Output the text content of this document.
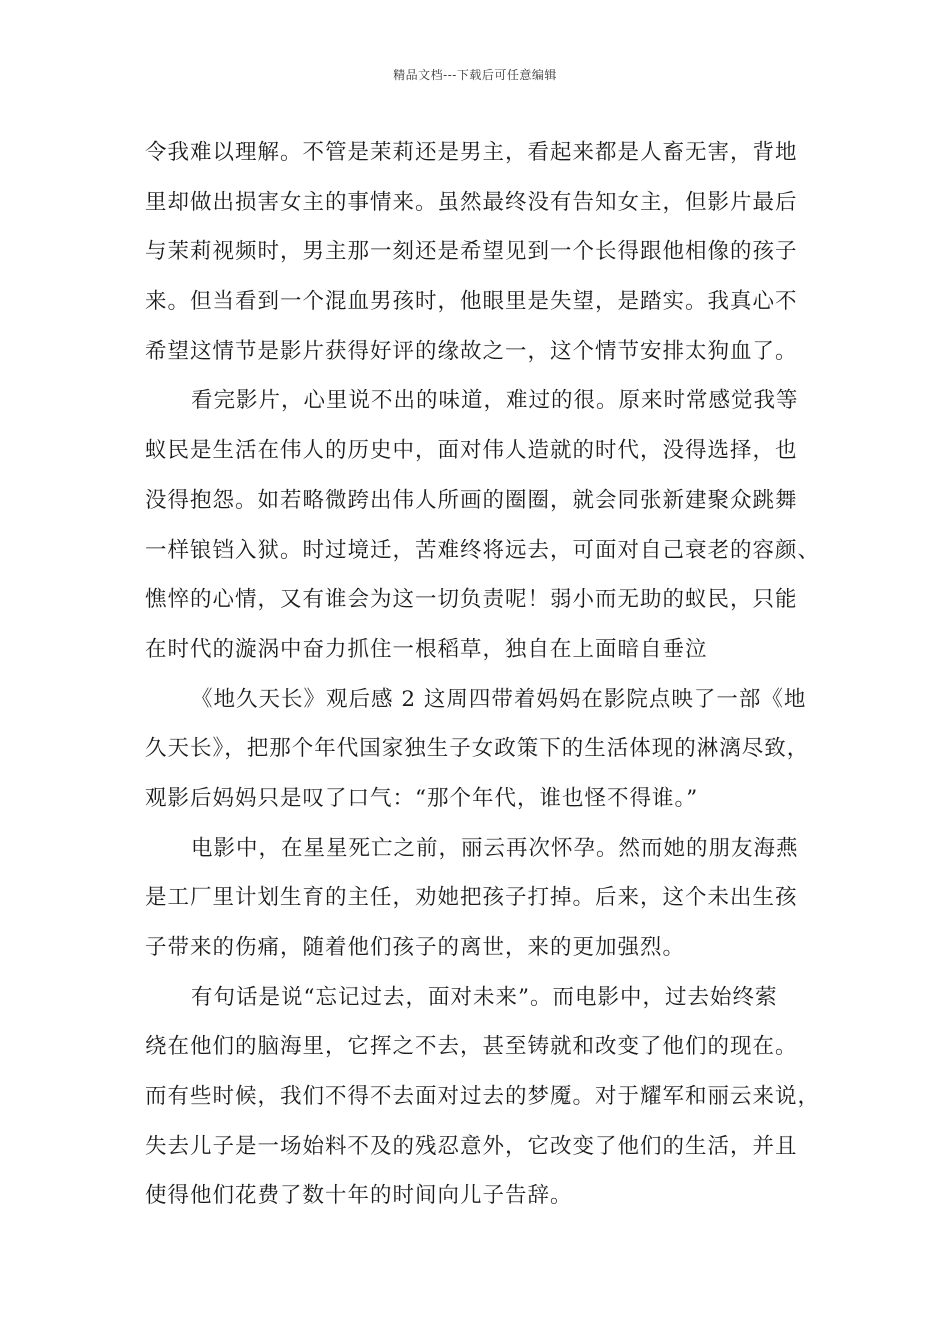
精品文档---下载后可任意编辑
令我难以理解。不管是茉莉还是男主，看起来都是人畜无害，背地
里却做出损害女主的事情来。虽然最终没有告知女主，但影片最后
与茉莉视频时，男主那一刻还是希望见到一个长得跟他相像的孩子
来。但当看到一个混血男孩时，他眼里是失望，是踏实。我真心不
希望这情节是影片获得好评的缘故之一，这个情节安排太狗血了。
看完影片，心里说不出的味道，难过的很。原来时常感觉我等
蚁民是生活在伟人的历史中，面对伟人造就的时代，没得选择，也
没得抱怨。如若略微跨出伟人所画的圈圈，就会同张新建聚众跳舞
一样锒铛入狱。时过境迁，苦难终将远去，可面对自己衰老的容颜、
憔悴的心情，又有谁会为这一切负责呢！弱小而无助的蚁民，只能
在时代的漩涡中奋力抓住一根稻草，独自在上面暗自垂泣
《地久天长》观后感 2 这周四带着妈妈在影院点映了一部《地
久天长》，把那个年代国家独生子女政策下的生活体现的淋漓尽致，
观影后妈妈只是叹了口气：“那个年代，谁也怪不得谁。”
电影中，在星星死亡之前，丽云再次怀孕。然而她的朋友海燕
是工厂里计划生育的主任，劝她把孩子打掉。后来，这个未出生孩
子带来的伤痛，随着他们孩子的离世，来的更加强烈。
有句话是说“忘记过去，面对未来”。而电影中，过去始终萦
绕在他们的脑海里，它挥之不去，甚至铸就和改变了他们的现在。
而有些时候，我们不得不去面对过去的梦魇。对于耀军和丽云来说，
失去儿子是一场始料不及的残忍意外，它改变了他们的生活，并且
使得他们花费了数十年的时间向儿子告辞。
